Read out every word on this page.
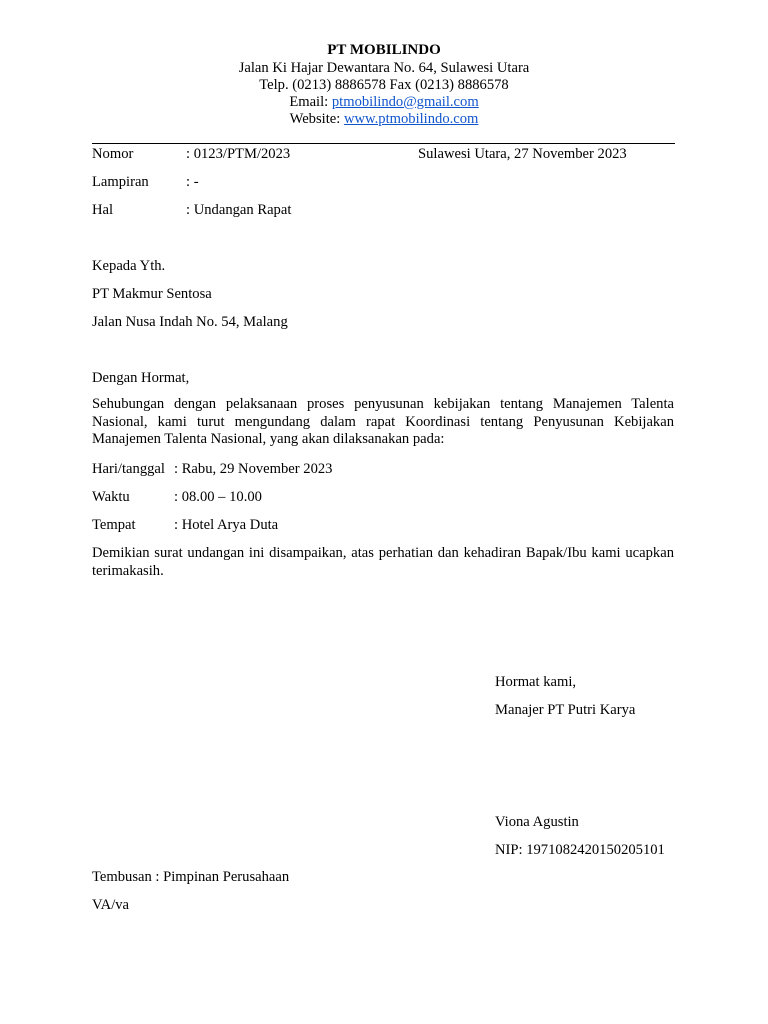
PT MOBILINDO
Jalan Ki Hajar Dewantara No. 64, Sulawesi Utara
Telp. (0213) 8886578 Fax (0213) 8886578
Email: ptmobilindo@gmail.com
Website: www.ptmobilindo.com
Nomor	: 0123/PTM/2023	Sulawesi Utara, 27 November 2023
Lampiran	: -
Hal	: Undangan Rapat
Kepada Yth.
PT Makmur Sentosa
Jalan Nusa Indah No. 54, Malang
Dengan Hormat,
Sehubungan dengan pelaksanaan proses penyusunan kebijakan tentang Manajemen Talenta Nasional, kami turut mengundang dalam rapat Koordinasi tentang Penyusunan Kebijakan Manajemen Talenta Nasional, yang akan dilaksanakan pada:
Hari/tanggal : Rabu, 29 November 2023
Waktu	: 08.00 – 10.00
Tempat	: Hotel Arya Duta
Demikian surat undangan ini disampaikan, atas perhatian dan kehadiran Bapak/Ibu kami ucapkan terimakasih.
Hormat kami,
Manajer PT Putri Karya
Viona Agustin
NIP: 1971082420150205101
Tembusan : Pimpinan Perusahaan
VA/va
